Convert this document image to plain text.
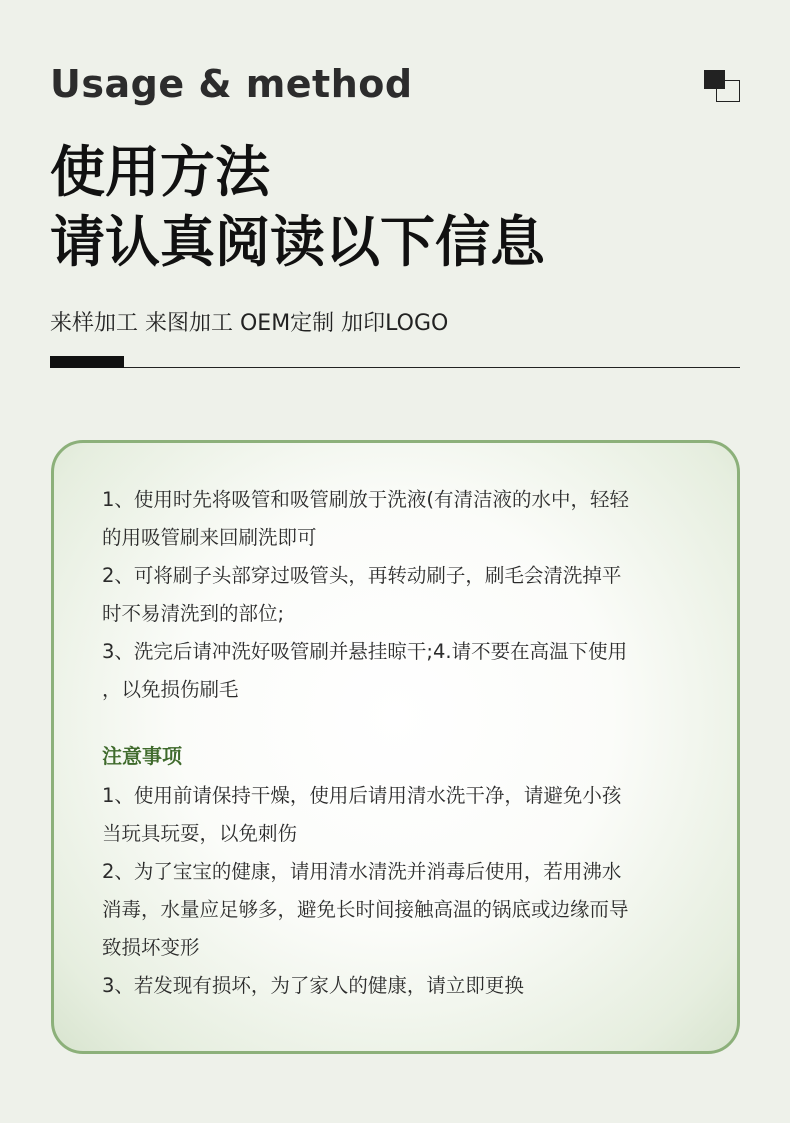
Usage & method
使用方法
请认真阅读以下信息
来样加工 来图加工 OEM定制 加印LOGO

1、使用时先将吸管和吸管刷放于洗液(有清洁液的水中，轻轻

的用吸管刷来回刷洗即可

2、可将刷子头部穿过吸管头，再转动刷子，刷毛会清洗掉平

时不易清洗到的部位;

3、洗完后请冲洗好吸管刷并悬挂晾干;4.请不要在高温下使用

，以免损伤刷毛

注意事项

1、使用前请保持干燥，使用后请用清水洗干净，请避免小孩

当玩具玩耍，以免刺伤

2、为了宝宝的健康，请用清水清洗并消毒后使用，若用沸水

消毒，水量应足够多，避免长时间接触高温的锅底或边缘而导

致损坏变形

3、若发现有损坏，为了家人的健康，请立即更换
